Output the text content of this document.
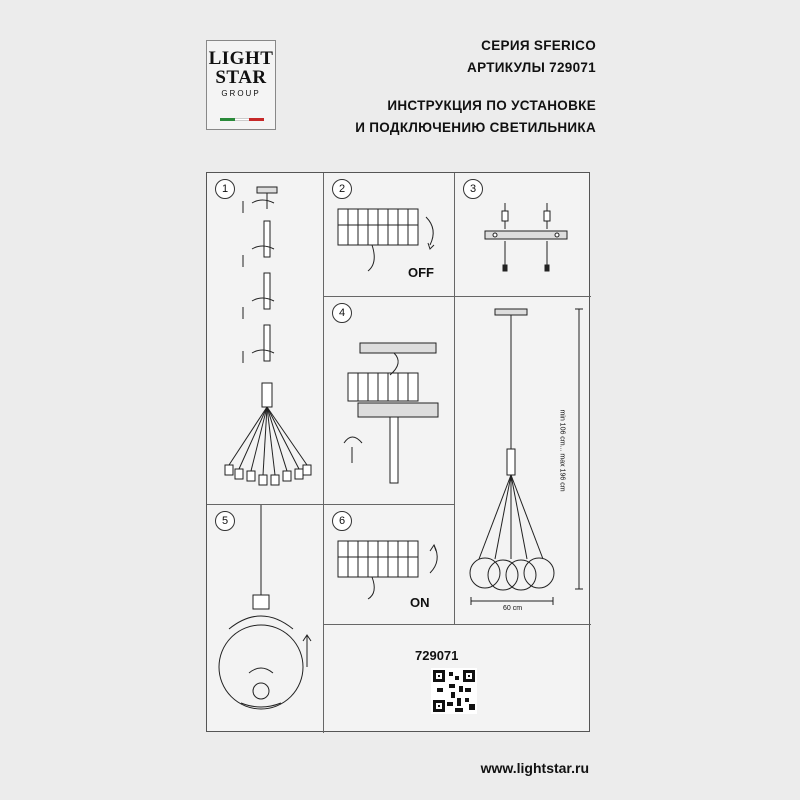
LIGHT
STAR
GROUP
СЕРИЯ SFERICO
АРТИКУЛЫ 729071
ИНСТРУКЦИЯ ПО УСТАНОВКЕ
И ПОДКЛЮЧЕНИЮ СВЕТИЛЬНИКА
1	2
OFF
3
4
min 106 cm... max 196 cm
60 cm
5	6
ON
729071
www.lightstar.ru
